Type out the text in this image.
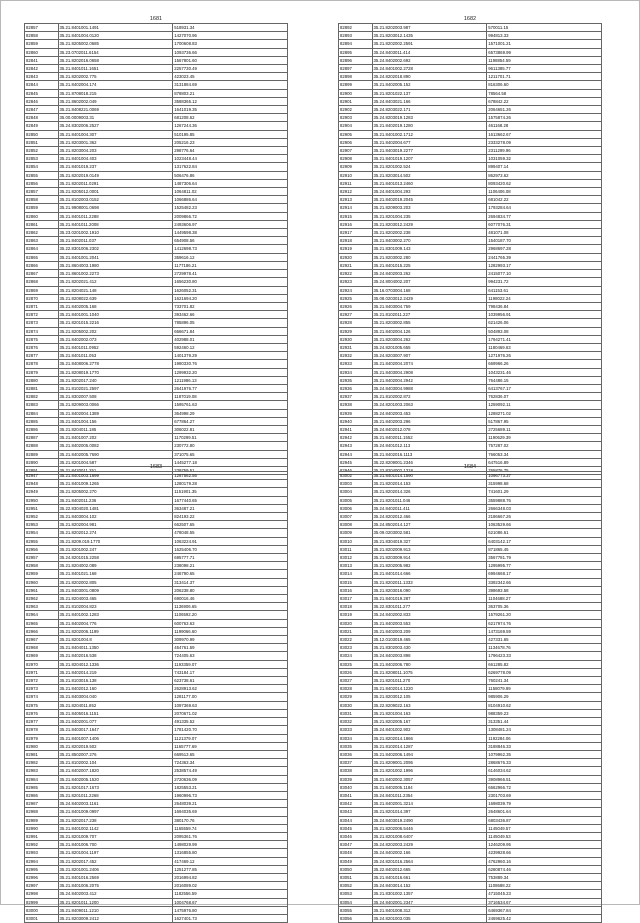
1681
82857	35.21.8401001.1491	518931.34
82858	35.21.8401004.0120	1427070.96
82859	35.21.8205002.0685	1700608.83
82860	35.23.0702011.6154	1093736.66
82841	35.21.8202016.0658	1567801.60
82842	35.21.8401011.1651	2257730.49
82843	35.21.8202002.775	423023.45
82844	35.21.8402004.174	3131884.69
82845	35.21.8708018.215	878803.21
82846	35.21.8602002.049	3588365.12
82847	35.21.8408221.0069	1641019.35
82848	35.00.0009003.31	681208.62
82849	35.24.8302006.2527	1267244.36
82850	35.21.8401004.307	510195.85
82851	35.21.8203001.362	205216.23
82852	35.21.8203004.203	298776.64
82853	35.21.8401004.403	1023448.44
82854	35.21.8401019.237	1317622.84
82855	35.21.8202019.0149	506476.86
82856	35.21.8202011.0291	1487306.64
82857	35.21.8205012.0001	1064811.02
82858	35.21.8102003.0152	1066886.64
82859	35.21.9908001.0698	1525482.23
82860	35.21.8401011.2288	2009866.72
82861	35.21.8401011.2008	2493606.97
82862	35.23.0201002.1910	1449598.38
82863	35.21.8402011.037	654908.56
82864	35.22.8301006.2302	1412698.73
82865	35.21.8401001.2041	359616.12
82866	35.21.8604003.1980	1177186.21
82867	35.21.8601002.2273	2729978.41
82868	35.21.8202021.412	1656230.80
82869	35.21.8204021.148	1626052.31
82870	35.21.8208022.639	1621694.20
82871	35.21.8402005.168	733701.82
82872	35.21.8401001.1040	393462.66
82873	35.21.8201015.2216	785896.05
82874	35.21.8205002.202	666671.84
82875	35.21.8402002.073	402988.01
82876	35.21.8401011.0952	592460.12
82877	35.21.8401011.053	1401379.29
82878	35.21.8408006.2778	1980330.76
82879	35.21.8208019.1770	1299932.20
82880	35.21.8202017.240	1211986.13
82881	35.21.8102021.2597	2641976.77
82882	35.21.8302007.508	1187019.08
82883	35.21.8209003.0066	1595761.63
82884	35.21.8402004.1389	364998.29
82885	35.21.8401004.156	677864.27
82886	35.21.8204011.185	306022.81
82887	35.21.8401007.202	1170299.51
82888	35.21.8402005.0082	230772.80
82889	35.21.8402005.7690	371075.65
82890	35.21.8201004.587	1445277.18
82891	35.21.8420011.251	239759.51
1682
82892	35.21.8202003.987	570011.15
82893	35.21.8203012.1435	994813.33
82894	35.21.8202002.2591	1571001.21
82895	35.24.8403011.414	6573869.99
82896	35.24.8402002.692	1198854.59
82897	35.24.8401002.2728	9611385.77
82898	35.24.8202018.890	1211701.71
82899	35.21.8402005.152	816306.60
82900	35.21.8201022.137	78564.58
82901	35.24.8403021.166	678842.22
82902	35.24.8203022.171	2064651.26
82903	35.24.8203019.1283	1575874.26
82904	35.21.8402019.1280	461168.28
82905	35.21.8401002.1712	1613662.67
82906	35.21.8402004.677	2333278.09
82907	35.21.8403019.2277	2311299.96
82908	35.21.8401019.1207	1031059.32
82909	35.21.8201002.524	899407.14
82910	35.21.8203014.502	862973.62
82911	35.21.8401013.2460	8093420.62
82912	35.24.8401004.293	1106406.08
82913	35.21.8402019.2045	681042.22
82914	35.21.8209003.203	1793284.64
82915	35.21.8201004.235	2694834.77
82916	35.21.8203012.2429	6077076.31
82917	35.21.8202002.238	481071.08
82918	35.21.8403002.270	1540187.70
82919	35.21.8301009.143	2968697.28
82920	35.21.8203002.280	2441765.39
82921	35.21.8401015.225	1282993.17
82922	35.24.8402003.262	2415077.10
82923	35.24.8004002.207	994231.72
82924	35.16.0703004.168	641153.61
82925	35.08.0203012.2429	1198022.24
82926	35.21.8403004.759	798436.84
82927	35.21.8102011.227	1039956.91
82928	35.21.8203002.855	621426.06
82929	35.21.8402004.126	504893.08
82930	35.21.8203004.262	1794271.41
82931	35.24.8201005.655	1180469.63
82932	35.24.8203007.907	1271976.26
82933	35.21.8402004.2074	669966.26
82934	35.21.8403004.2908	1043231.46
82935	35.21.8402004.2942	764486.15
82936	35.24.8403004.9988	6413767.17
82937	35.21.8102002.872	762836.07
82938	35.24.8201003.2063	1259092.11
82939	35.24.8402003.453	1288271.02
82940	35.21.8402003.296	517867.95
82941	35.24.8402012.078	2725689.11
82942	35.21.8402011.1552	1190629.39
82943	35.24.8401012.113	757287.02
82944	35.21.8402016.1113	766053.34
82945	35.22.8209001.2346	647516.89
82946	35.22.8204002.1318	765876.75
1683
82947	35.21.8401003.1699	1287562.56
82948	35.21.8401009.1265	1280179.28
82949	35.21.8205002.270	1151901.35
82950	35.21.8402011.236	1677440.65
82951	35.22.8304020.1481	363487.21
82952	35.21.8403004.102	824193.22
82953	35.21.8202004.981	662507.65
82954	35.21.8202012.274	478048.55
82955	35.21.8209.019.1770	1063224.91
82956	35.21.8201002.247	1625406.70
82957	35.24.8201015.2258	695777.71
82958	35.21.8204002.089	238098.21
82959	35.21.8401021.168	246790.65
82960	35.21.8202002.805	313414.37
82961	35.21.8403001.0809	206238.80
82962	35.21.8204003.465	690016.46
82963	35.21.8102004.823	1136906.65
82964	35.21.8401002.1283	1106592.20
82965	35.21.8402004.776	600763.63
82966	35.21.8202006.1199	1199066.60
82967	35.21.8201004.8	309970.99
82968	35.21.8404011.1350	454761.59
82969	35.21.8402016.538	724405.63
82970	35.21.8204012.1336	1193359.07
82971	35.21.8402014.219	743184.17
82972	35.21.8103016.138	623738.61
82973	35.21.8402012.160	2628913.62
82974	35.21.8403004.040	1281177.00
82975	35.21.8204011.852	1097369.63
82976	35.21.8405016.1151	2070671.02
82977	35.21.8402001.077	491335.52
82978	35.21.8403017.1647	1781420.70
82979	35.21.8401007.1406	1121379.07
82980	35.21.8202019.502	1165777.69
82981	35.21.8502007.276	669513.65
82982	35.21.8102002.104	724363.34
82983	35.21.8402007.1820	2538574.49
82984	35.21.8402005.1520	2720636.09
82985	35.21.8201017.1673	1825553.21
82986	35.21.8201011.2268	1960996.73
82987	35.24.8402003.1161	2648039.21
82988	35.21.8401009.0997	1694035.69
82989	35.21.8202017.238	380170.76
82990	35.21.8401002.1142	1165559.74
82991	35.21.8201009.707	2095361.76
82992	35.21.8401006.700	1498029.99
82993	35.21.8201004.1197	1316855.80
82994	35.21.8202017.452	417469.12
82995	35.21.8201001.2406	1251277.85
82996	35.21.8401016.2569	2016994.82
82997	35.21.8401006.2075	2016089.02
82998	35.24.8402003.412	1182556.59
82999	35.21.8201011.1200	1004768.67
83000	35.21.8409011.1210	1475976.80
83001	35.21.8203009.2412	1627401.73
1684
83002	35.21.8401014.1590	1096773.37
83003	35.21.8202014.153	315998.68
83004	35.21.8202014.326	741601.29
83005	35.21.8201011.046	3559888.76
83006	35.24.8402011.411	2666348.03
83007	35.24.8202012.466	2186667.26
83008	35.24.8502014.127	1063529.66
83009	35.09.0203002.581	621086.61
83010	35.21.8304019.327	6403142.17
83011	35.21.8202009.913	871865.45
83012	35.21.8203009.914	3567781.79
83013	35.21.8202005.982	1295995.77
83014	35.21.8401014.666	6994668.17
83015	35.21.8202011.1333	3392342.66
83016	35.21.8203016.090	398693.58
83017	35.21.8401019.287	1104688.27
83018	35.22.8301011.277	363705.36
83019	35.24.8402002.833	1579261.20
83020	35.21.8402003.553	6217974.76
83021	35.21.8402003.209	1473169.59
83022	35.12.0103019.465	427331.65
83023	35.21.8302003.430	1134678.76
83024	35.24.8402003.898	1796423.33
83025	35.21.8402006.780	661285.82
83026	35.21.8208011.1075	6269778.09
83027	35.21.8201011.270	760241.34
83028	35.21.8402014.1220	1158079.99
83029	35.21.8203012.105	985906.29
83030	35.22.8209022.163	8104910.62
83031	35.21.8201004.163	988359.23
83032	35.21.8202005.167	313351.44
83033	35.24.8401002.902	1308481.24
83034	35.21.8202014.1866	1192284.06
83035	35.21.8102014.1287	3188846.33
83036	35.21.8402006.1494	1079962.35
83037	35.21.8209001.2095	2868676.33
83038	35.21.8201002.1996	6146034.62
83039	35.21.8402002.3057	3908966.51
83040	35.21.8402005.1184	6662966.72
83041	35.24.8401011.2354	2301703.69
83042	35.21.8402001.3214	1698039.79
83043	35.21.8201014.397	2648601.64
83044	35.24.8403019.2490	6803436.87
83045	35.21.8202006.5446	1145049.57
83046	35.21.8201008.6407	1145049.53
83047	35.24.8202003.2429	1246209.95
83048	35.24.8402002.166	4239928.66
83049	35.24.8201016.2564	4762960.16
83050	35.22.8402012.665	6280874.46
83051	35.21.8401016.661	753889.34
83052	35.24.8403014.152	1108688.22
83053	35.21.8301002.1357	4715045.23
83054	35.24.8402001.2347	3716534.67
83055	35.21.8401008.312	6469367.84
83056	35.24.8201003.035	2469625.42
